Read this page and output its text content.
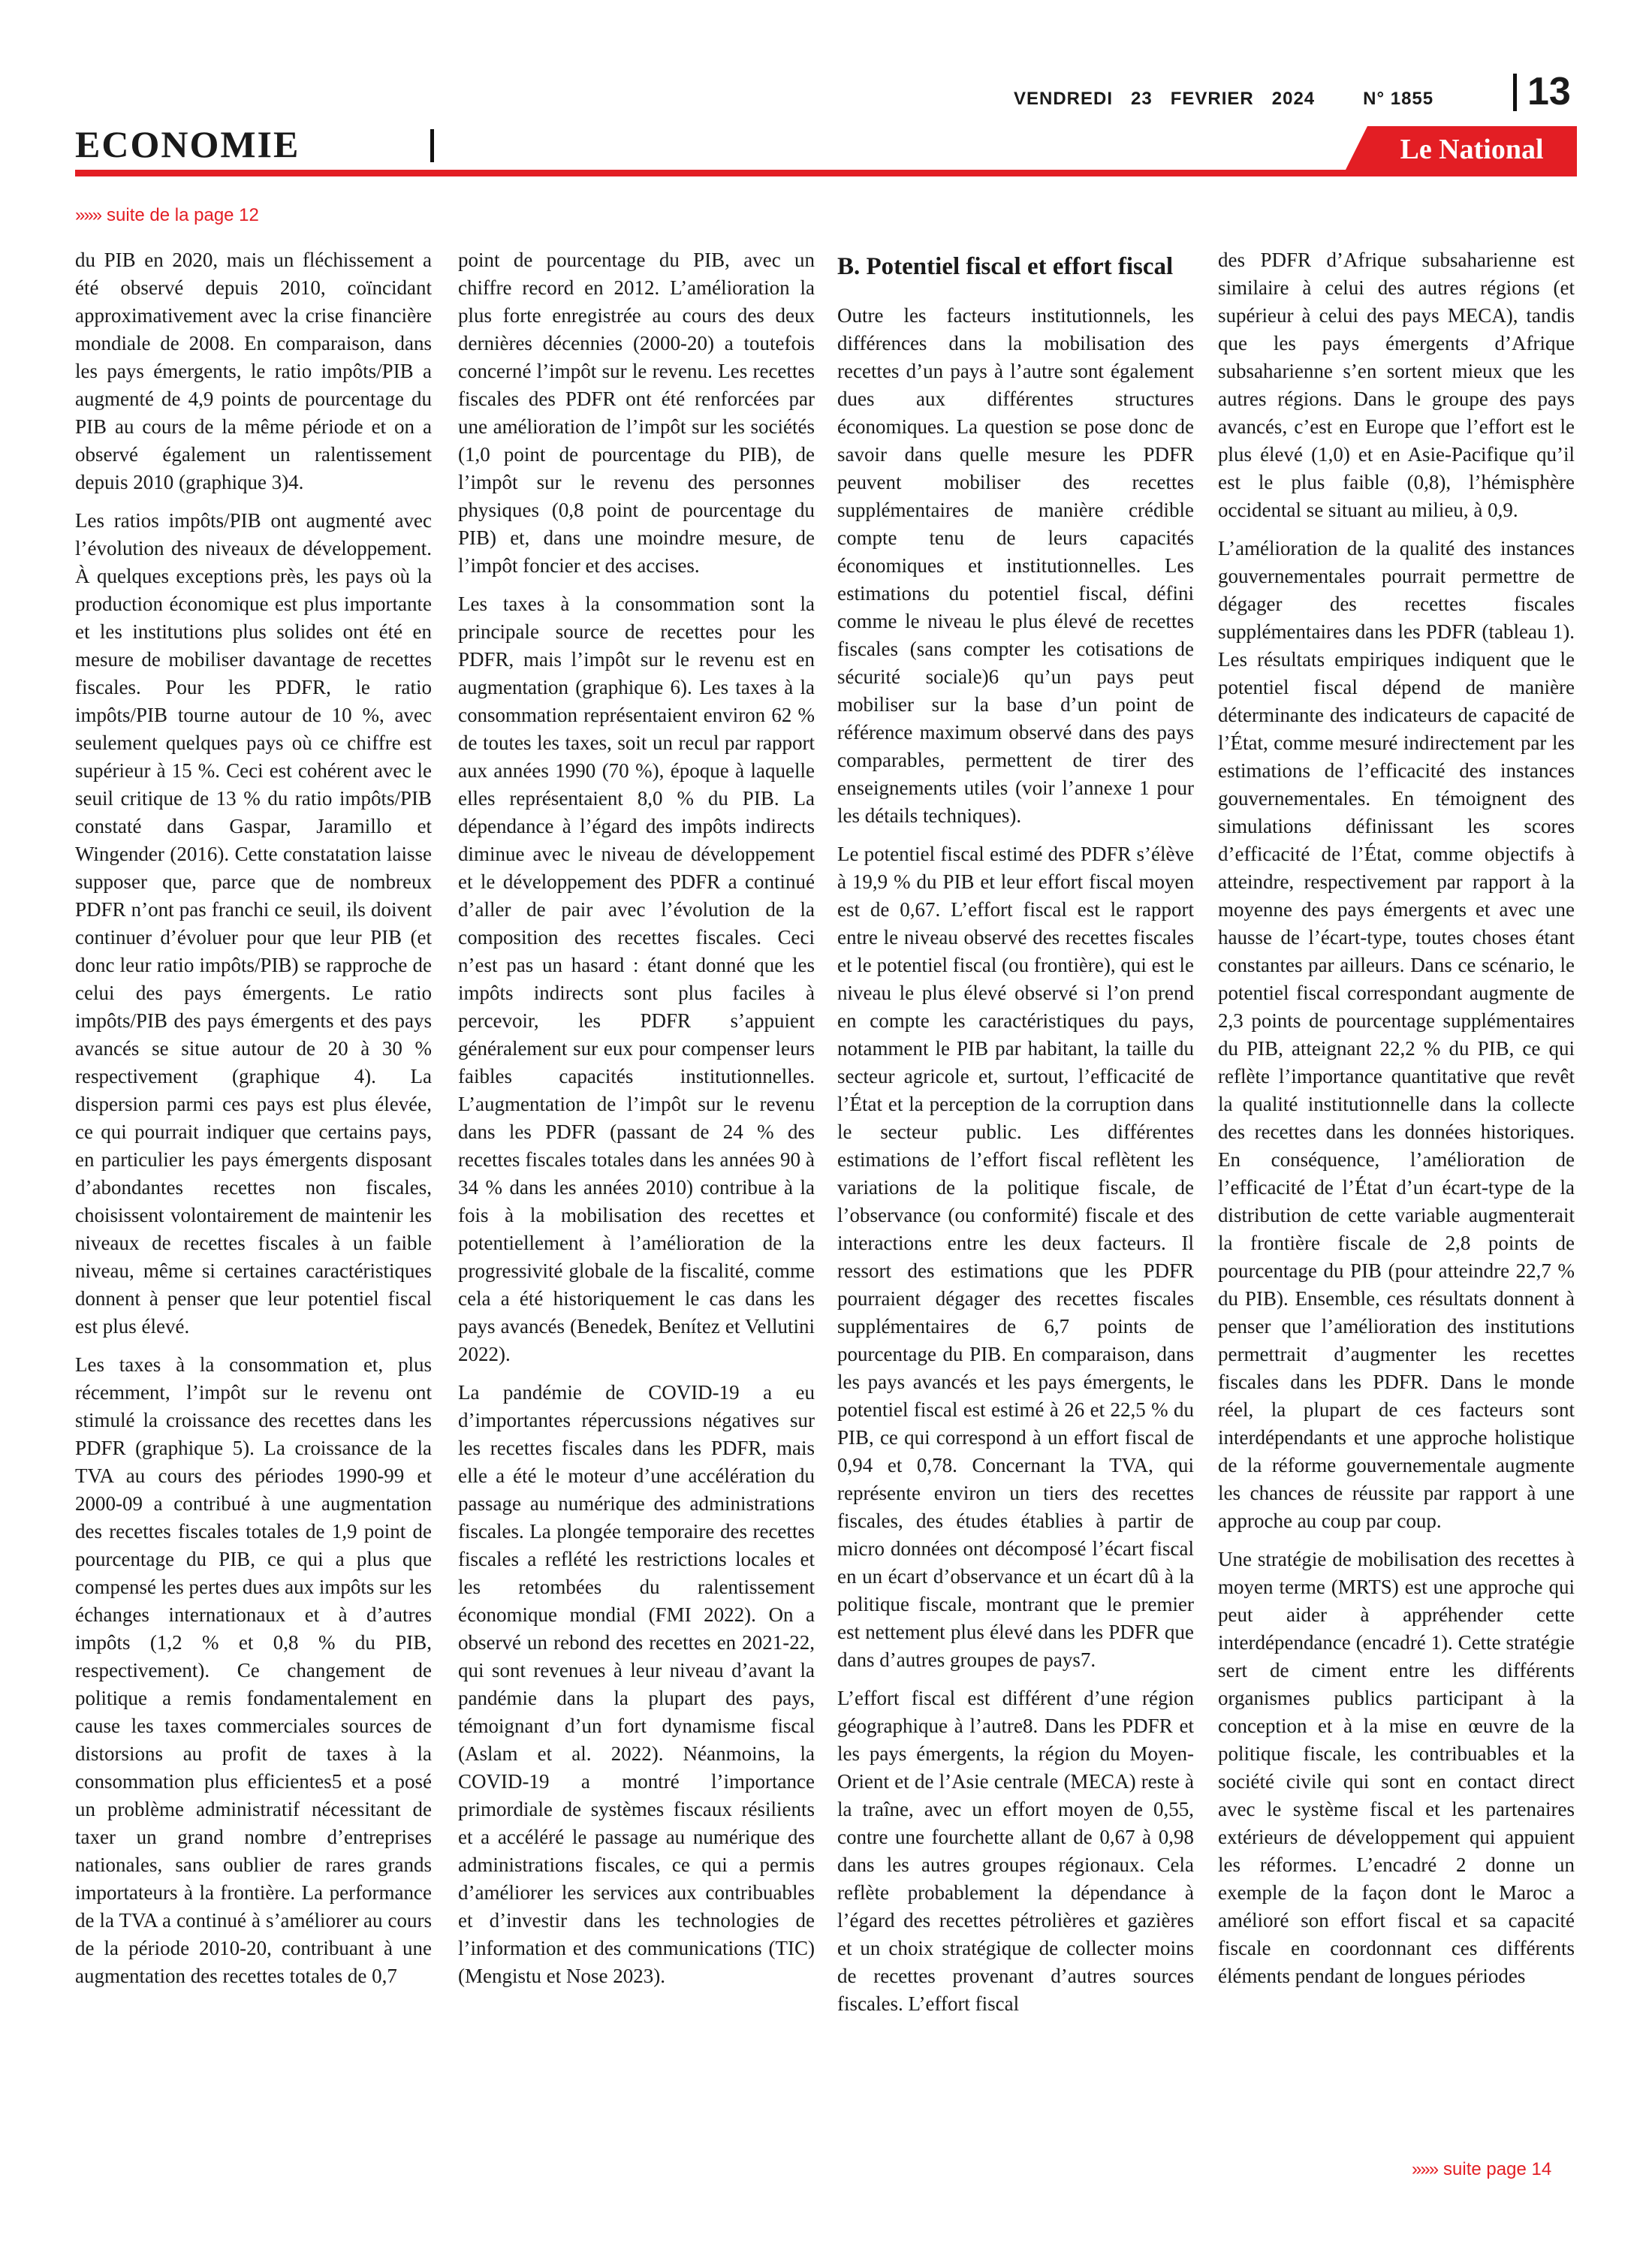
VENDREDI 23 FEVRIER 2024	N° 1855 13
ECONOMIE	Le National
»»» suite de la page 12

du PIB en 2020, mais un fléchissement a été observé depuis 2010, coïncidant approximativement avec la crise financière mondiale de 2008. En comparaison, dans les pays émergents, le ratio impôts/PIB a augmenté de 4,9 points de pourcentage du PIB au cours de la même période et on a observé également un ralentissement depuis 2010 (graphique 3)4.

Les ratios impôts/PIB ont augmenté avec l’évolution des niveaux de développement. À quelques exceptions près, les pays où la production économique est plus importante et les institutions plus solides ont été en mesure de mobiliser davantage de recettes fiscales. Pour les PDFR, le ratio impôts/PIB tourne autour de 10 %, avec seulement quelques pays où ce chiffre est supérieur à 15 %. Ceci est cohérent avec le seuil critique de 13 % du ratio impôts/PIB constaté dans Gaspar, Jaramillo et Wingender (2016). Cette constatation laisse supposer que, parce que de nombreux PDFR n’ont pas franchi ce seuil, ils doivent continuer d’évoluer pour que leur PIB (et donc leur ratio impôts/PIB) se rapproche de celui des pays émergents. Le ratio impôts/PIB des pays émergents et des pays avancés se situe autour de 20 à 30 % respectivement (graphique 4). La dispersion parmi ces pays est plus élevée, ce qui pourrait indiquer que certains pays, en particulier les pays émergents disposant d’abondantes recettes non fiscales, choisissent volontairement de maintenir les niveaux de recettes fiscales à un faible niveau, même si certaines caractéristiques donnent à penser que leur potentiel fiscal est plus élevé.

Les taxes à la consommation et, plus récemment, l’impôt sur le revenu ont stimulé la croissance des recettes dans les PDFR (graphique 5). La croissance de la TVA au cours des périodes 1990-99 et 2000-09 a contribué à une augmentation des recettes fiscales totales de 1,9 point de pourcentage du PIB, ce qui a plus que compensé les pertes dues aux impôts sur les échanges internationaux et à d’autres impôts (1,2 % et 0,8 % du PIB, respectivement). Ce changement de politique a remis fondamentalement en cause les taxes commerciales sources de distorsions au profit de taxes à la consommation plus efficientes5 et a posé un problème administratif nécessitant de taxer un grand nombre d’entreprises nationales, sans oublier de rares grands importateurs à la frontière. La performance de la TVA a continué à s’améliorer au cours de la période 2010-20, contribuant à une augmentation des recettes totales de 0,7

point de pourcentage du PIB, avec un chiffre record en 2012. L’amélioration la plus forte enregistrée au cours des deux dernières décennies (2000-20) a toutefois concerné l’impôt sur le revenu. Les recettes fiscales des PDFR ont été renforcées par une amélioration de l’impôt sur les sociétés (1,0 point de pourcentage du PIB), de l’impôt sur le revenu des personnes physiques (0,8 point de pourcentage du PIB) et, dans une moindre mesure, de l’impôt foncier et des accises.

Les taxes à la consommation sont la principale source de recettes pour les PDFR, mais l’impôt sur le revenu est en augmentation (graphique 6). Les taxes à la consommation représentaient environ 62 % de toutes les taxes, soit un recul par rapport aux années 1990 (70 %), époque à laquelle elles représentaient 8,0 % du PIB. La dépendance à l’égard des impôts indirects diminue avec le niveau de développement et le développement des PDFR a continué d’aller de pair avec l’évolution de la composition des recettes fiscales. Ceci n’est pas un hasard : étant donné que les impôts indirects sont plus faciles à percevoir, les PDFR s’appuient généralement sur eux pour compenser leurs faibles capacités institutionnelles. L’augmentation de l’impôt sur le revenu dans les PDFR (passant de 24 % des recettes fiscales totales dans les années 90 à 34 % dans les années 2010) contribue à la fois à la mobilisation des recettes et potentiellement à l’amélioration de la progressivité globale de la fiscalité, comme cela a été historiquement le cas dans les pays avancés (Benedek, Benítez et Vellutini 2022).

La pandémie de COVID-19 a eu d’importantes répercussions négatives sur les recettes fiscales dans les PDFR, mais elle a été le moteur d’une accélération du passage au numérique des administrations fiscales. La plongée temporaire des recettes fiscales a reflété les restrictions locales et les retombées du ralentissement économique mondial (FMI 2022). On a observé un rebond des recettes en 2021-22, qui sont revenues à leur niveau d’avant la pandémie dans la plupart des pays, témoignant d’un fort dynamisme fiscal (Aslam et al. 2022). Néanmoins, la COVID-19 a montré l’importance primordiale de systèmes fiscaux résilients et a accéléré le passage au numérique des administrations fiscales, ce qui a permis d’améliorer les services aux contribuables et d’investir dans les technologies de l’information et des communications (TIC) (Mengistu et Nose 2023).

B. Potentiel fiscal et effort fiscal

Outre les facteurs institutionnels, les différences dans la mobilisation des recettes d’un pays à l’autre sont également dues aux différentes structures économiques. La question se pose donc de savoir dans quelle mesure les PDFR peuvent mobiliser des recettes supplémentaires de manière crédible compte tenu de leurs capacités économiques et institutionnelles. Les estimations du potentiel fiscal, défini comme le niveau le plus élevé de recettes fiscales (sans compter les cotisations de sécurité sociale)6 qu’un pays peut mobiliser sur la base d’un point de référence maximum observé dans des pays comparables, permettent de tirer des enseignements utiles (voir l’annexe 1 pour les détails techniques).

Le potentiel fiscal estimé des PDFR s’élève à 19,9 % du PIB et leur effort fiscal moyen est de 0,67. L’effort fiscal est le rapport entre le niveau observé des recettes fiscales et le potentiel fiscal (ou frontière), qui est le niveau le plus élevé observé si l’on prend en compte les caractéristiques du pays, notamment le PIB par habitant, la taille du secteur agricole et, surtout, l’efficacité de l’État et la perception de la corruption dans le secteur public. Les différentes estimations de l’effort fiscal reflètent les variations de la politique fiscale, de l’observance (ou conformité) fiscale et des interactions entre les deux facteurs. Il ressort des estimations que les PDFR pourraient dégager des recettes fiscales supplémentaires de 6,7 points de pourcentage du PIB. En comparaison, dans les pays avancés et les pays émergents, le potentiel fiscal est estimé à 26 et 22,5 % du PIB, ce qui correspond à un effort fiscal de 0,94 et 0,78. Concernant la TVA, qui représente environ un tiers des recettes fiscales, des études établies à partir de micro données ont décomposé l’écart fiscal en un écart d’observance et un écart dû à la politique fiscale, montrant que le premier est nettement plus élevé dans les PDFR que dans d’autres groupes de pays7.

L’effort fiscal est différent d’une région géographique à l’autre8. Dans les PDFR et les pays émergents, la région du Moyen-Orient et de l’Asie centrale (MECA) reste à la traîne, avec un effort moyen de 0,55, contre une fourchette allant de 0,67 à 0,98 dans les autres groupes régionaux. Cela reflète probablement la dépendance à l’égard des recettes pétrolières et gazières et un choix stratégique de collecter moins de recettes provenant d’autres sources fiscales. L’effort fiscal

des PDFR d’Afrique subsaharienne est similaire à celui des autres régions (et supérieur à celui des pays MECA), tandis que les pays émergents d’Afrique subsaharienne s’en sortent mieux que les autres régions. Dans le groupe des pays avancés, c’est en Europe que l’effort est le plus élevé (1,0) et en Asie-Pacifique qu’il est le plus faible (0,8), l’hémisphère occidental se situant au milieu, à 0,9.

L’amélioration de la qualité des instances gouvernementales pourrait permettre de dégager des recettes fiscales supplémentaires dans les PDFR (tableau 1). Les résultats empiriques indiquent que le potentiel fiscal dépend de manière déterminante des indicateurs de capacité de l’État, comme mesuré indirectement par les estimations de l’efficacité des instances gouvernementales. En témoignent des simulations définissant les scores d’efficacité de l’État, comme objectifs à atteindre, respectivement par rapport à la moyenne des pays émergents et avec une hausse de l’écart-type, toutes choses étant constantes par ailleurs. Dans ce scénario, le potentiel fiscal correspondant augmente de 2,3 points de pourcentage supplémentaires du PIB, atteignant 22,2 % du PIB, ce qui reflète l’importance quantitative que revêt la qualité institutionnelle dans la collecte des recettes dans les données historiques. En conséquence, l’amélioration de l’efficacité de l’État d’un écart-type de la distribution de cette variable augmenterait la frontière fiscale de 2,8 points de pourcentage du PIB (pour atteindre 22,7 % du PIB). Ensemble, ces résultats donnent à penser que l’amélioration des institutions permettrait d’augmenter les recettes fiscales dans les PDFR. Dans le monde réel, la plupart de ces facteurs sont interdépendants et une approche holistique de la réforme gouvernementale augmente les chances de réussite par rapport à une approche au coup par coup.

Une stratégie de mobilisation des recettes à moyen terme (MRTS) est une approche qui peut aider à appréhender cette interdépendance (encadré 1). Cette stratégie sert de ciment entre les différents organismes publics participant à la conception et à la mise en œuvre de la politique fiscale, les contribuables et la société civile qui sont en contact direct avec le système fiscal et les partenaires extérieurs de développement qui appuient les réformes. L’encadré 2 donne un exemple de la façon dont le Maroc a amélioré son effort fiscal et sa capacité fiscale en coordonnant ces différents éléments pendant de longues périodes

»»» suite page 14
